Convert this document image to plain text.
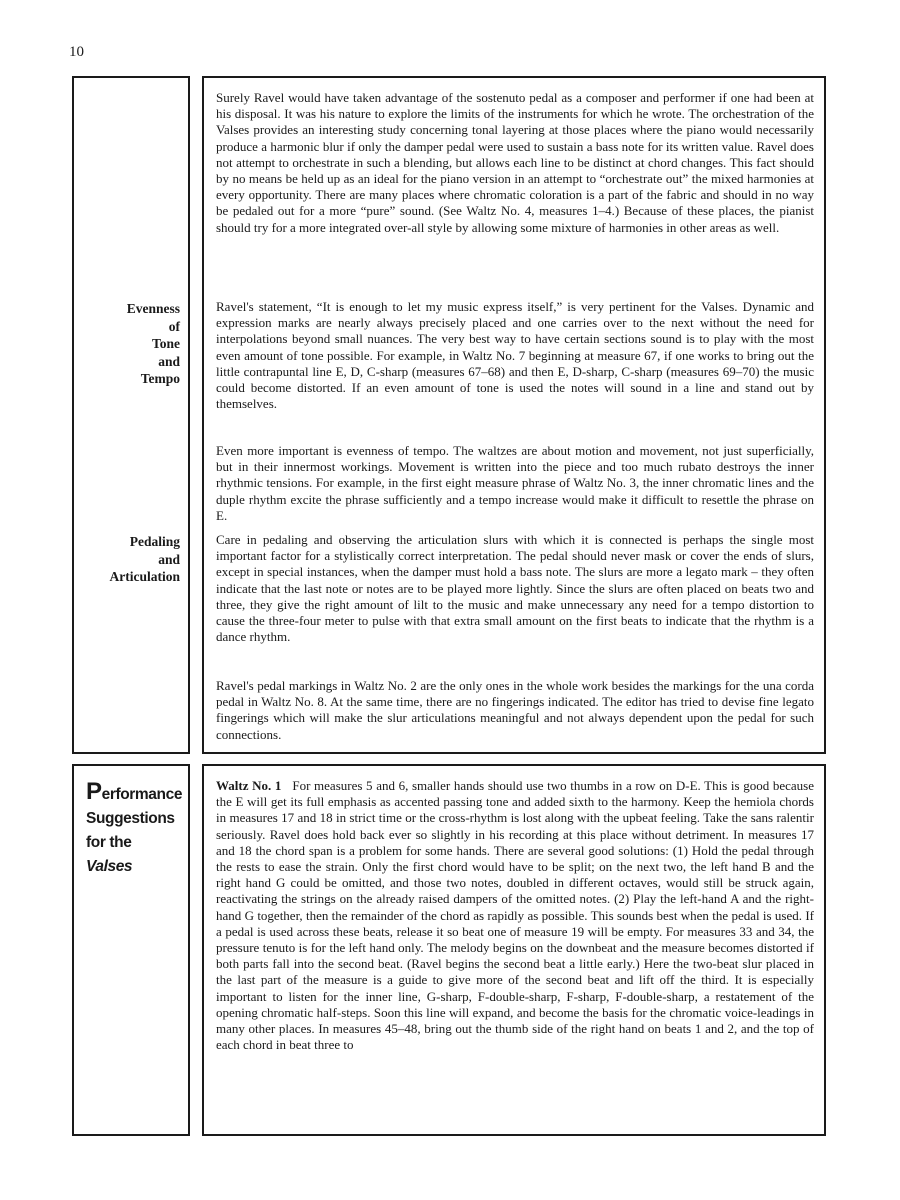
10
Evenness
of
Tone
and
Tempo
Pedaling
and
Articulation
Surely Ravel would have taken advantage of the sostenuto pedal as a composer and performer if one had been at his disposal. It was his nature to explore the limits of the instruments for which he wrote. The orchestration of the Valses provides an interesting study concerning tonal layering at those places where the piano would necessarily produce a harmonic blur if only the damper pedal were used to sustain a bass note for its written value. Ravel does not attempt to orchestrate in such a blending, but allows each line to be distinct at chord changes. This fact should by no means be held up as an ideal for the piano version in an attempt to “orchestrate out” the mixed harmonies at every opportunity. There are many places where chromatic coloration is a part of the fabric and should in no way be pedaled out for a more “pure” sound. (See Waltz No. 4, measures 1–4.) Because of these places, the pianist should try for a more integrated over-all style by allowing some mixture of harmonies in other areas as well.
Ravel's statement, “It is enough to let my music express itself,” is very pertinent for the Valses. Dynamic and expression marks are nearly always precisely placed and one carries over to the next without the need for interpolations beyond small nuances. The very best way to have certain sections sound is to play with the most even amount of tone possible. For example, in Waltz No. 7 beginning at measure 67, if one works to bring out the little contrapuntal line E, D, C-sharp (measures 67–68) and then E, D-sharp, C-sharp (measures 69–70) the music could become distorted. If an even amount of tone is used the notes will sound in a line and stand out by themselves.
Even more important is evenness of tempo. The waltzes are about motion and movement, not just superficially, but in their innermost workings. Movement is written into the piece and too much rubato destroys the inner rhythmic tensions. For example, in the first eight measure phrase of Waltz No. 3, the inner chromatic lines and the duple rhythm excite the phrase sufficiently and a tempo increase would make it difficult to resettle the phrase on E.
Care in pedaling and observing the articulation slurs with which it is connected is perhaps the single most important factor for a stylistically correct interpretation. The pedal should never mask or cover the ends of slurs, except in special instances, when the damper must hold a bass note. The slurs are more a legato mark – they often indicate that the last note or notes are to be played more lightly. Since the slurs are often placed on beats two and three, they give the right amount of lilt to the music and make unnecessary any need for a tempo distortion to cause the three-four meter to pulse with that extra small amount on the first beats to indicate that the rhythm is a dance rhythm.
Ravel's pedal markings in Waltz No. 2 are the only ones in the whole work besides the markings for the una corda pedal in Waltz No. 8. At the same time, there are no fingerings indicated. The editor has tried to devise fine legato fingerings which will make the slur articulations meaningful and not always dependent upon the pedal for such connections.
Performance
Suggestions
for the
Valses
Waltz No. 1 For measures 5 and 6, smaller hands should use two thumbs in a row on D-E. This is good because the E will get its full emphasis as accented passing tone and added sixth to the harmony. Keep the hemiola chords in measures 17 and 18 in strict time or the cross-rhythm is lost along with the upbeat feeling. Take the sans ralentir seriously. Ravel does hold back ever so slightly in his recording at this place without detriment. In measures 17 and 18 the chord span is a problem for some hands. There are several good solutions: (1) Hold the pedal through the rests to ease the strain. Only the first chord would have to be split; on the next two, the left hand B and the right hand G could be omitted, and those two notes, doubled in different octaves, would still be struck again, reactivating the strings on the already raised dampers of the omitted notes. (2) Play the left-hand A and the right-hand G together, then the remainder of the chord as rapidly as possible. This sounds best when the pedal is used. If a pedal is used across these beats, release it so beat one of measure 19 will be empty. For measures 33 and 34, the pressure tenuto is for the left hand only. The melody begins on the downbeat and the measure becomes distorted if both parts fall into the second beat. (Ravel begins the second beat a little early.) Here the two-beat slur placed in the last part of the measure is a guide to give more of the second beat and lift off the third. It is especially important to listen for the inner line, G-sharp, F-double-sharp, F-sharp, F-double-sharp, a restatement of the opening chromatic half-steps. Soon this line will expand, and become the basis for the chromatic voice-leadings in many other places. In measures 45–48, bring out the thumb side of the right hand on beats 1 and 2, and the top of each chord in beat three to
